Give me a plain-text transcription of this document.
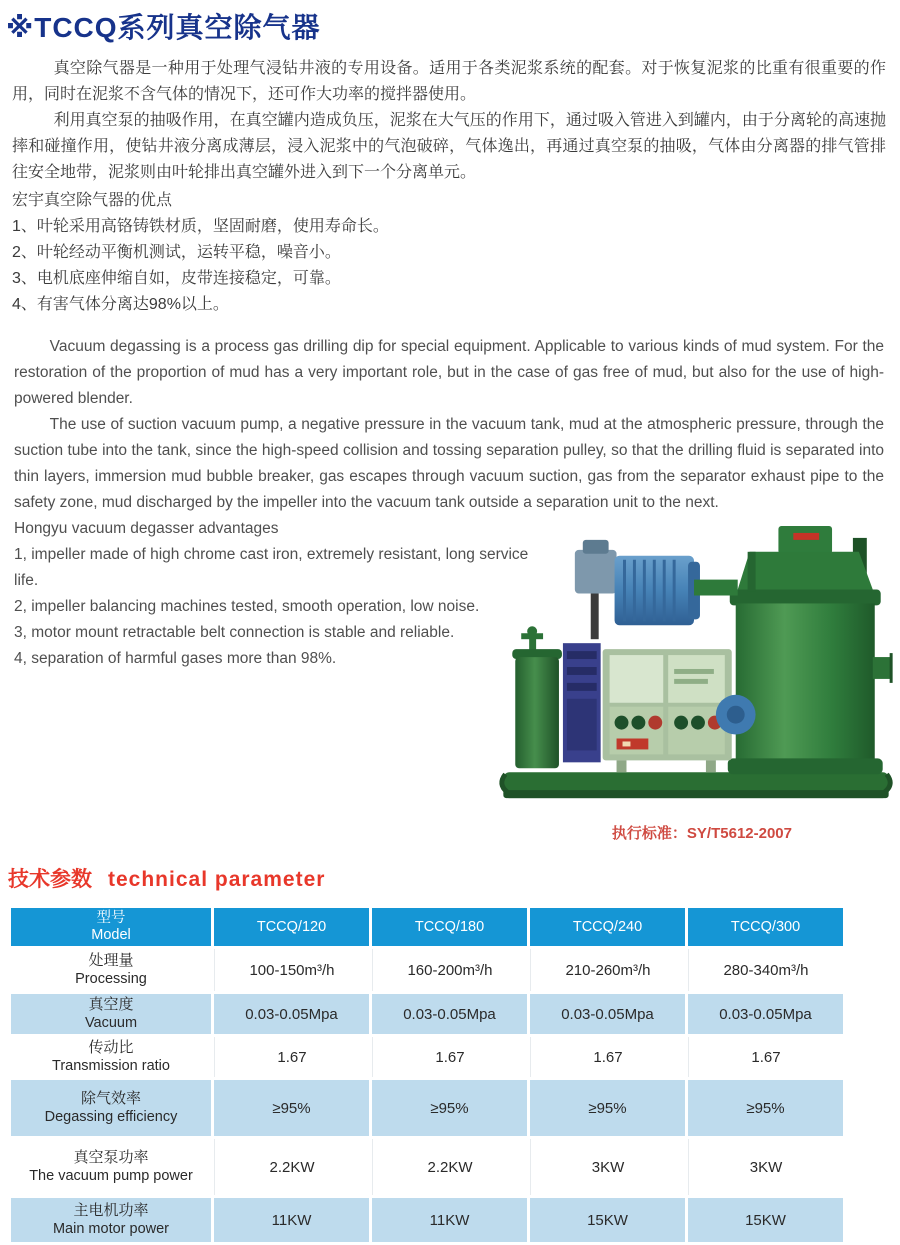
※TCCQ系列真空除气器

真空除气器是一种用于处理气浸钻井液的专用设备。适用于各类泥浆系统的配套。对于恢复泥浆的比重有很重要的作用，同时在泥浆不含气体的情况下，还可作大功率的搅拌器使用。

利用真空泵的抽吸作用，在真空罐内造成负压，泥浆在大气压的作用下，通过吸入管进入到罐内，由于分离轮的高速抛摔和碰撞作用，使钻井液分离成薄层，浸入泥浆中的气泡破碎，气体逸出，再通过真空泵的抽吸，气体由分离器的排气管排往安全地带，泥浆则由叶轮排出真空罐外进入到下一个分离单元。

宏宇真空除气器的优点

1、叶轮采用高铬铸铁材质，坚固耐磨，使用寿命长。

2、叶轮经动平衡机测试，运转平稳，噪音小。

3、电机底座伸缩自如，皮带连接稳定，可靠。

4、有害气体分离达98%以上。

Vacuum degassing is a process gas drilling dip for special equipment. Applicable to various kinds of mud system. For the restoration of the proportion of mud has a very important role, but in the case of gas free of mud, but also for the use of high-powered blender.

The use of suction vacuum pump, a negative pressure in the vacuum tank, mud at the atmospheric pressure, through the suction tube into the tank, since the high-speed collision and tossing separation pulley, so that the drilling fluid is separated into thin layers, immersion mud bubble breaker, gas escapes through vacuum suction, gas from the separator exhaust pipe to the safety zone, mud discharged by the impeller into the vacuum tank outside a separation unit to the next.

Hongyu vacuum degasser advantages

1, impeller made of high chrome cast iron, extremely resistant, long service life.

2, impeller balancing machines tested, smooth operation, low noise.

3, motor mount retractable belt connection is stable and reliable.

4, separation of harmful gases more than 98%.

执行标准：SY/T5612-2007
技术参数 technical parameter
型号
Model	TCCQ/120	TCCQ/180	TCCQ/240	TCCQ/300

处理量
Processing	100-150m³/h	160-200m³/h	210-260m³/h	280-340m³/h

真空度
Vacuum	0.03-0.05Mpa	0.03-0.05Mpa	0.03-0.05Mpa	0.03-0.05Mpa

传动比
Transmission ratio	1.67	1.67	1.67	1.67

除气效率
Degassing efficiency	≥95%	≥95%	≥95%	≥95%

真空泵功率
The vacuum pump power	2.2KW	2.2KW	3KW	3KW

主电机功率
Main motor power	11KW	11KW	15KW	15KW
